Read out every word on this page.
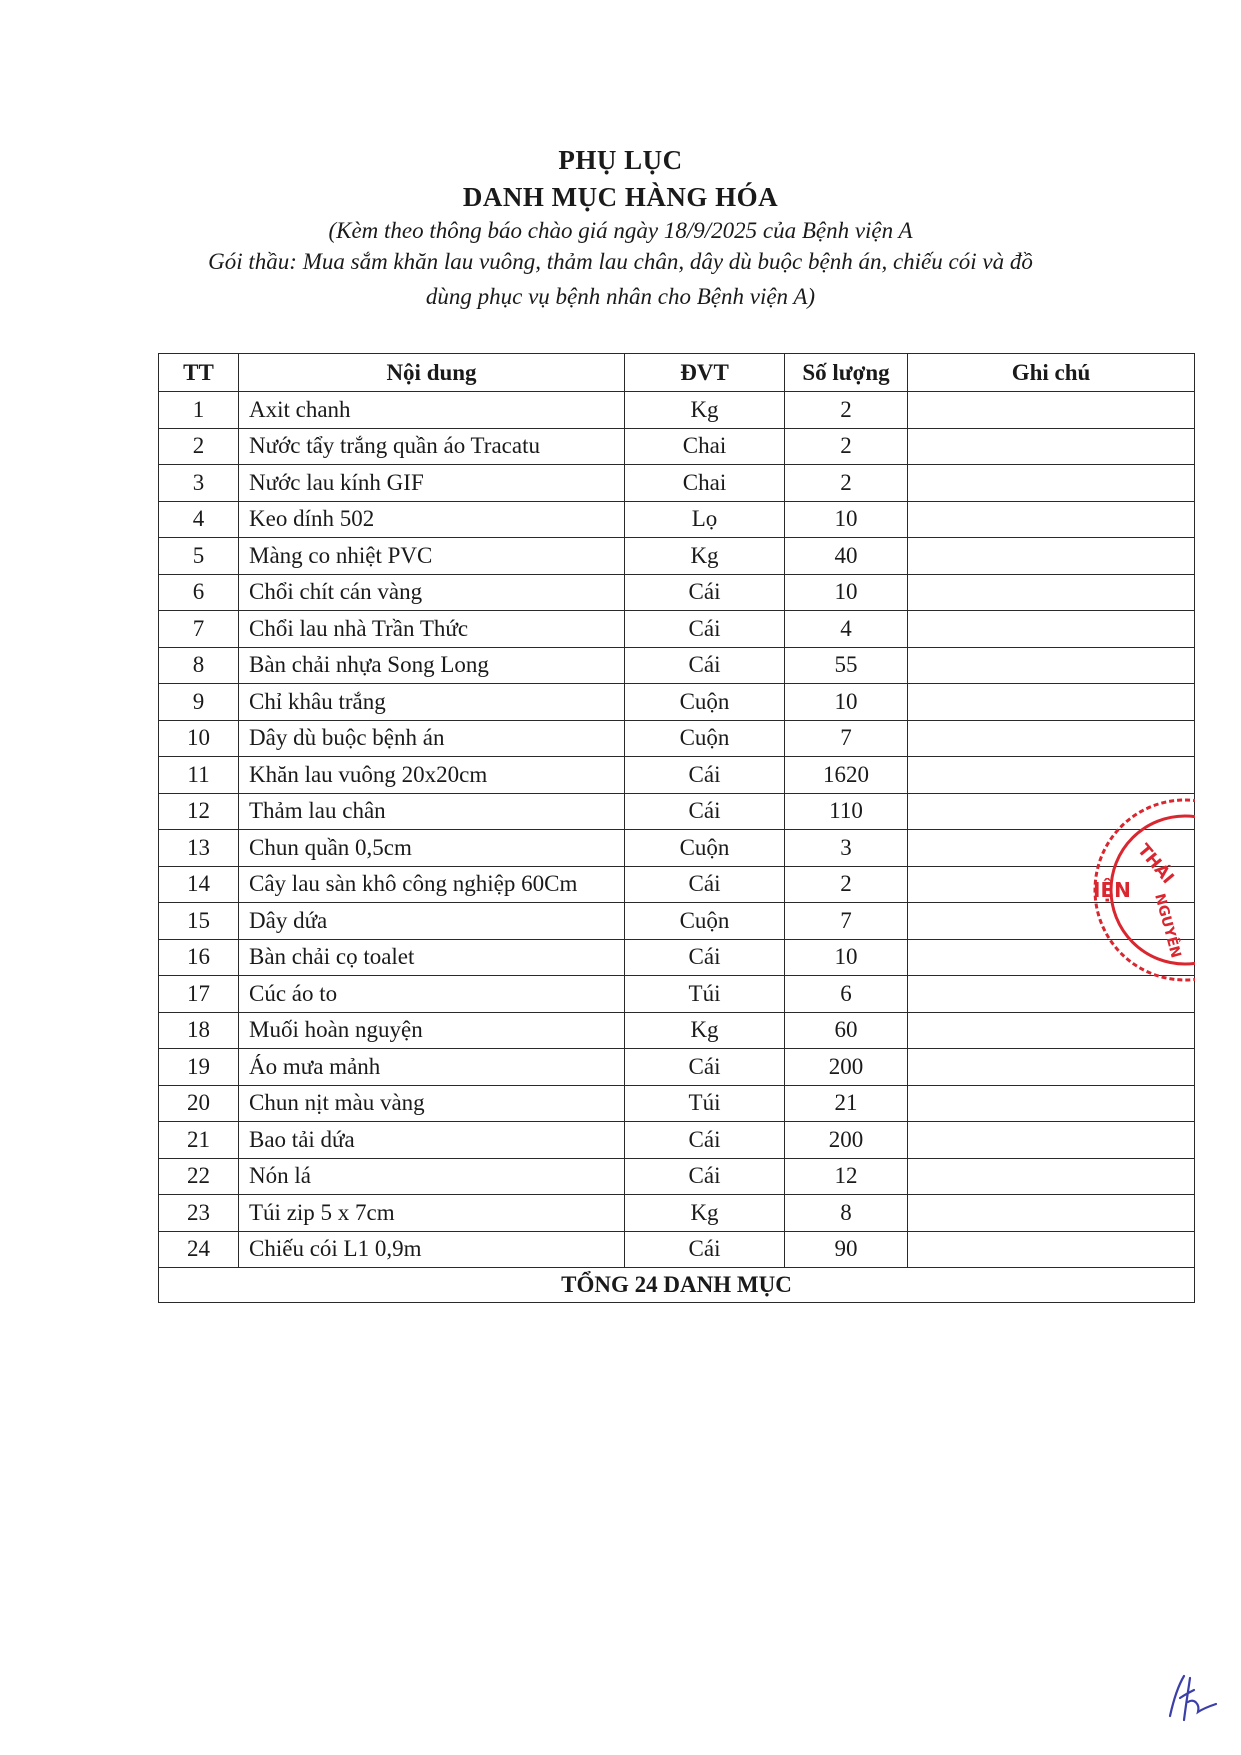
PHỤ LỤC
DANH MỤC HÀNG HÓA
(Kèm theo thông báo chào giá ngày 18/9/2025 của Bệnh viện A
Gói thầu: Mua sắm khăn lau vuông, thảm lau chân, dây dù buộc bệnh án, chiếu cói và đồ
dùng phục vụ bệnh nhân cho Bệnh viện A)
TT	Nội dung	ĐVT	Số lượng	Ghi chú
1	Axit chanh	Kg	2	
2	Nước tẩy trắng quần áo Tracatu	Chai	2	
3	Nước lau kính GIF	Chai	2	
4	Keo dính 502	Lọ	10	
5	Màng co nhiệt PVC	Kg	40	
6	Chổi chít cán vàng	Cái	10	
7	Chổi lau nhà Trần Thức	Cái	4	
8	Bàn chải nhựa Song Long	Cái	55	
9	Chỉ khâu trắng	Cuộn	10	
10	Dây dù buộc bệnh án	Cuộn	7	
11	Khăn lau vuông 20x20cm	Cái	1620	
12	Thảm lau chân	Cái	110	
13	Chun quần 0,5cm	Cuộn	3	
14	Cây lau sàn khô công nghiệp 60Cm	Cái	2	
15	Dây dứa	Cuộn	7	
16	Bàn chải cọ toalet	Cái	10	
17	Cúc áo to	Túi	6	
18	Muối hoàn nguyện	Kg	60	
19	Áo mưa mảnh	Cái	200	
20	Chun nịt màu vàng	Túi	21	
21	Bao tải dứa	Cái	200	
22	Nón lá	Cái	12	
23	Túi zip 5 x 7cm	Kg	8	
24	Chiếu cói L1 0,9m	Cái	90	
TỔNG 24 DANH MỤC				
THÁI
IỆN
NGUYÊN
